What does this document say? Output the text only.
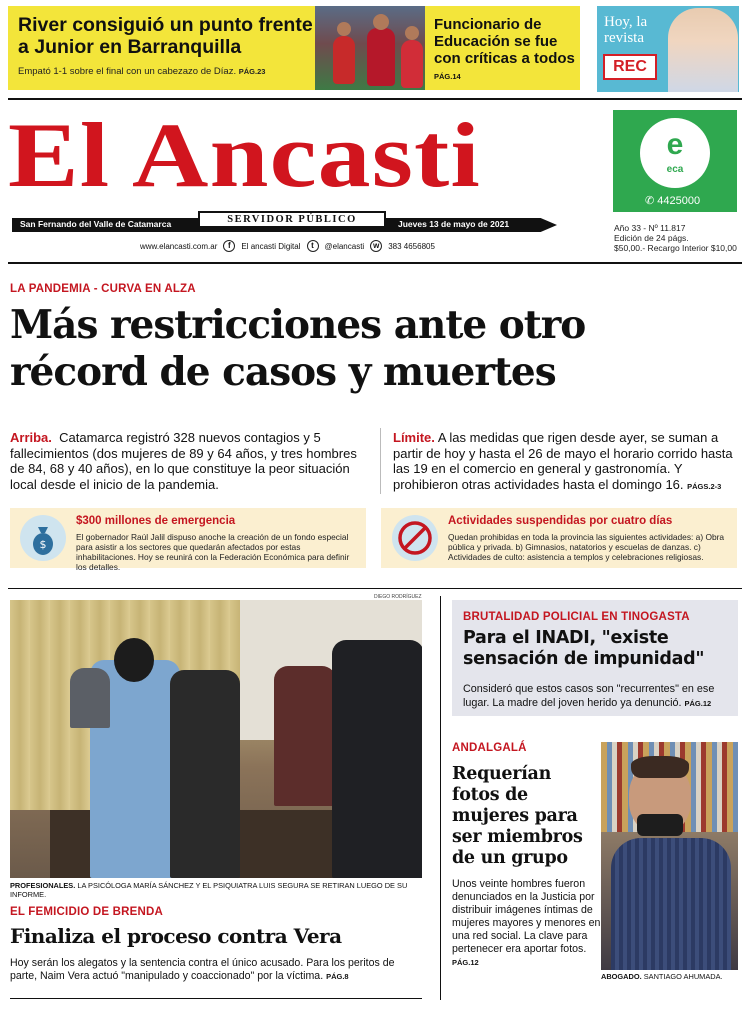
River consiguió un punto frente a Junior en Barranquilla
Empató 1-1 sobre el final con un cabezazo de Díaz. PÁG.23
Funcionario de Educación se fue con críticas a todos
PÁG.14
Hoy, la revista
REC
El Ancasti
SERVIDOR PÚBLICO
San Fernando del Valle de Catamarca	Jueves 13 de mayo de 2021
www.elancasti.com.ar	f	El ancasti Digital	t	@elancasti	w	383 4656805
e
eca
✆ 4425000
Año 33 - Nº 11.817
Edición de 24 págs.
$50,00.- Recargo Interior $10,00
LA PANDEMIA - CURVA EN ALZA
Más restricciones ante otro
récord de casos y muertes
Arriba. Catamarca registró 328 nuevos contagios y 5 fallecimientos (dos mujeres de 89 y 64 años, y tres hombres de 84, 68 y 40 años), en lo que constituye la peor situación local desde el inicio de la pandemia.
Límite. A las medidas que rigen desde ayer, se suman a partir de hoy y hasta el 26 de mayo el horario corrido hasta las 19 en el comercio en general y gastronomía. Y prohibieron otras actividades hasta el domingo 16. PÁGS.2-3
$
$300 millones de emergencia
El gobernador Raúl Jalil dispuso anoche la creación de un fondo especial para asistir a los sectores que quedarán afectados por estas inhabilitaciones. Hoy se reunirá con la Federación Económica para definir los detalles.
Actividades suspendidas por cuatro días
Quedan prohibidas en toda la provincia las siguientes actividades: a) Obra pública y privada. b) Gimnasios, natatorios y escuelas de danzas. c) Actividades de culto: asistencia a templos y celebraciones religiosas.
DIEGO RODRÍGUEZ
PROFESIONALES. LA PSICÓLOGA MARÍA SÁNCHEZ Y EL PSIQUIATRA LUIS SEGURA SE RETIRAN LUEGO DE SU INFORME.
EL FEMICIDIO DE BRENDA
Finaliza el proceso contra Vera
Hoy serán los alegatos y la sentencia contra el único acusado. Para los peritos de parte, Naim Vera actuó "manipulado y coaccionado" por la víctima. PÁG.8
BRUTALIDAD POLICIAL EN TINOGASTA
Para el INADI, "existe sensación de impunidad"
Consideró que estos casos son "recurrentes" en ese lugar. La madre del joven herido ya denunció. PÁG.12
ANDALGALÁ
Requerían fotos de mujeres para ser miembros de un grupo
Unos veinte hombres fueron denunciados en la Justicia por distribuir imágenes íntimas de mujeres mayores y menores en una red social. La clave para pertenecer era aportar fotos. PÁG.12
ABOGADO. SANTIAGO AHUMADA.
